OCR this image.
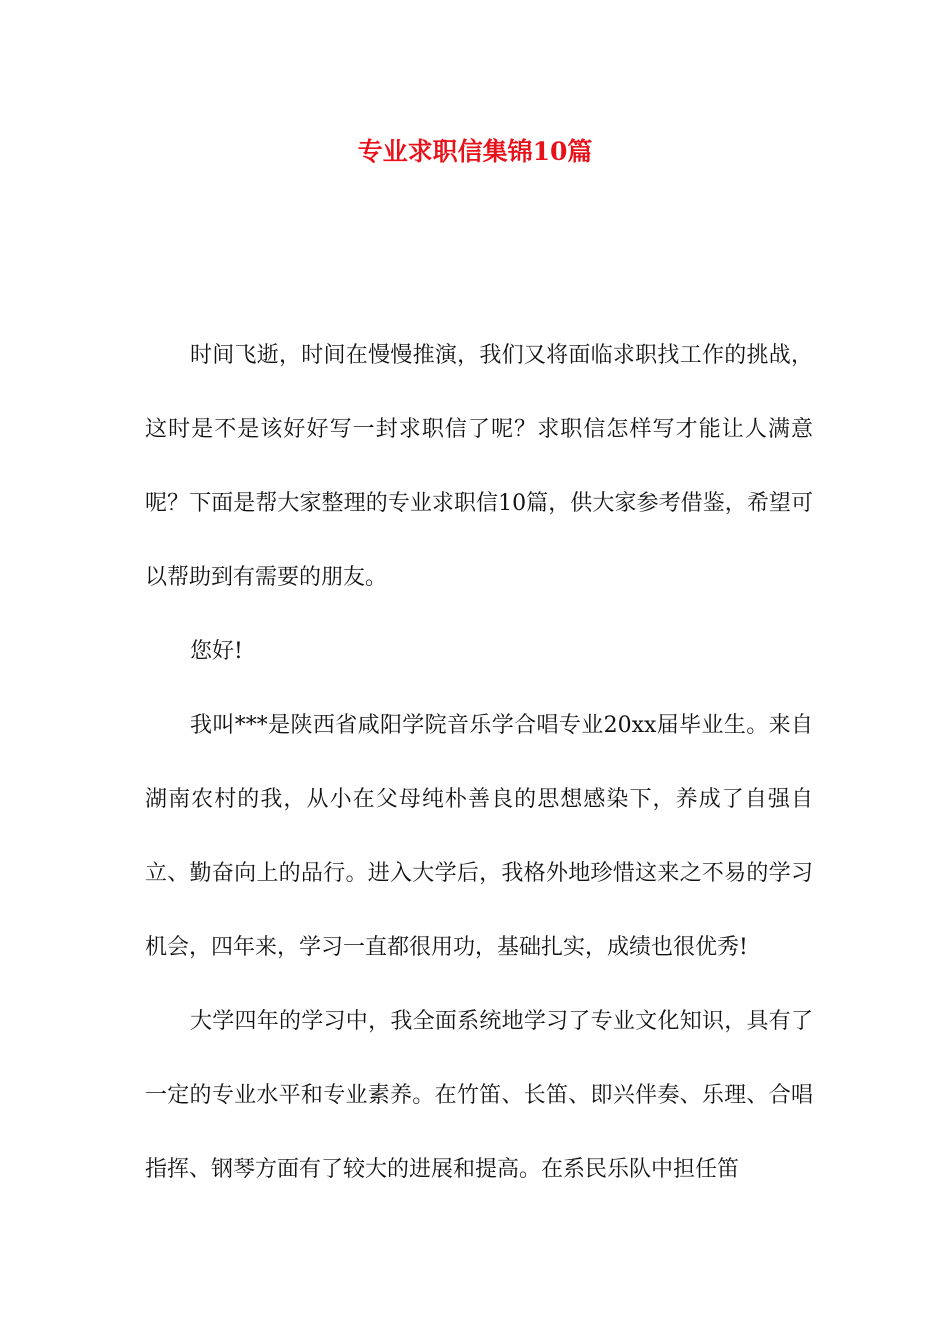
专业求职信集锦10篇

时间飞逝，时间在慢慢推演，我们又将面临求职找工作的挑战，这时是不是该好好写一封求职信了呢？求职信怎样写才能让人满意呢？下面是帮大家整理的专业求职信10篇，供大家参考借鉴，希望可以帮助到有需要的朋友。

您好!

我叫***是陕西省咸阳学院音乐学合唱专业20xx届毕业生。来自湖南农村的我，从小在父母纯朴善良的思想感染下，养成了自强自立、勤奋向上的品行。进入大学后，我格外地珍惜这来之不易的学习机会，四年来，学习一直都很用功，基础扎实，成绩也很优秀!

大学四年的学习中，我全面系统地学习了专业文化知识，具有了一定的专业水平和专业素养。在竹笛、长笛、即兴伴奏、乐理、合唱指挥、钢琴方面有了较大的进展和提高。在系民乐队中担任笛
